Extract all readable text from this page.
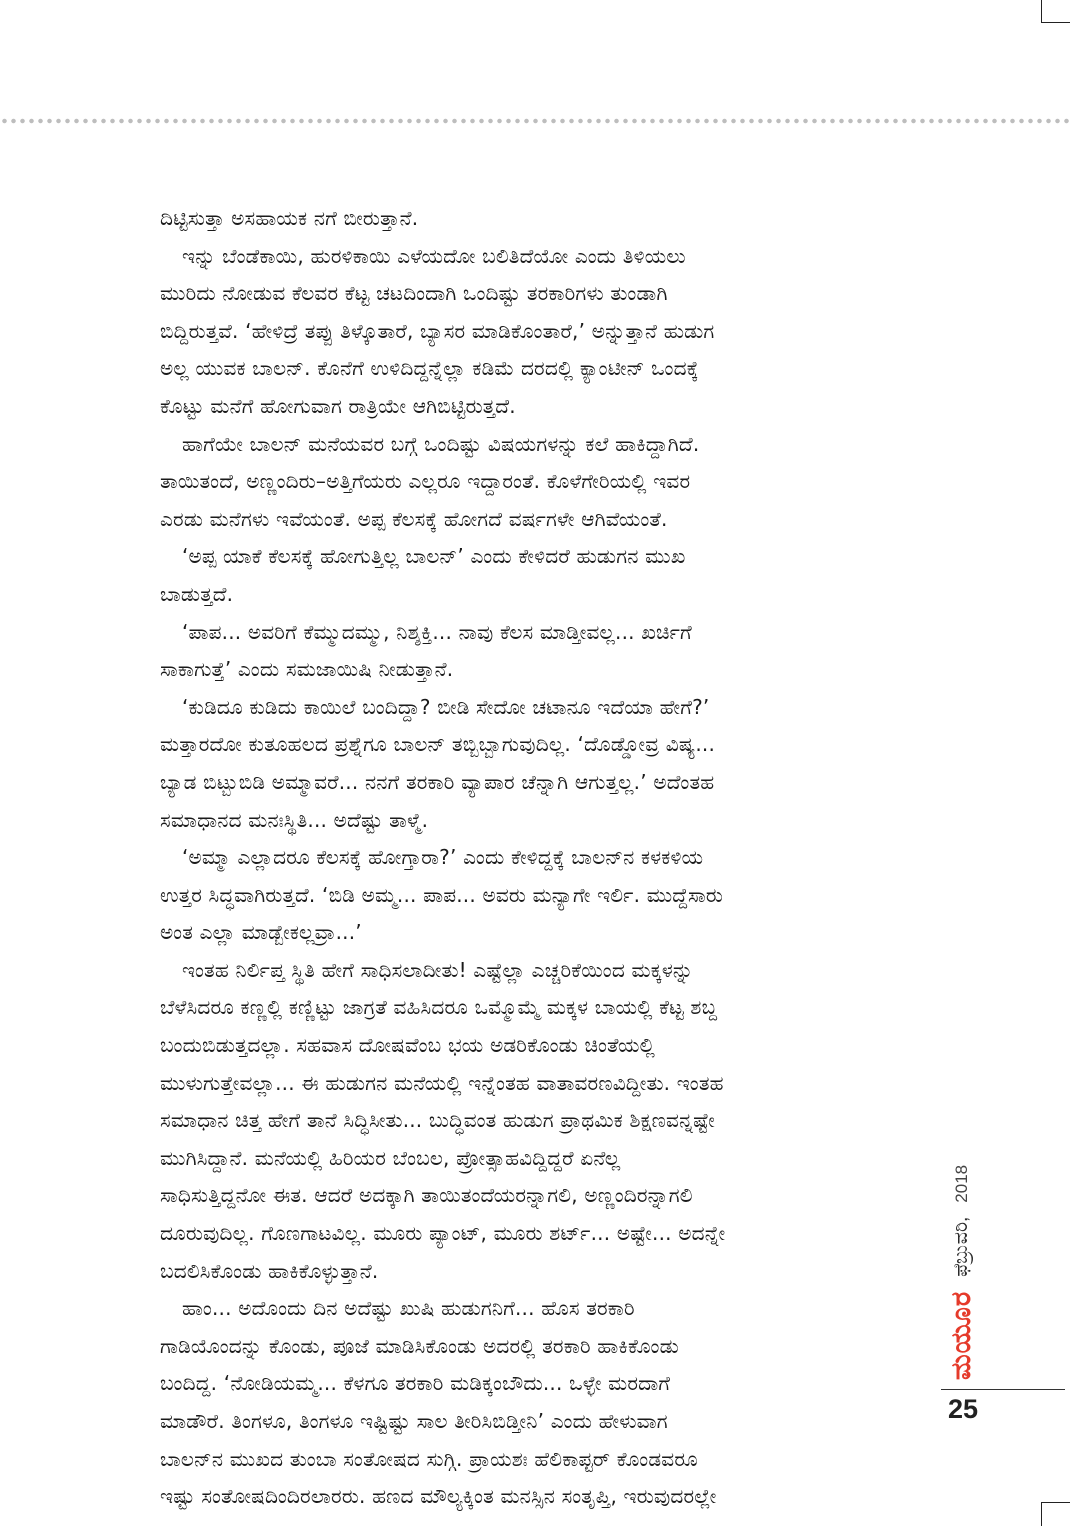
ದಿಟ್ಟಿಸುತ್ತಾ ಅಸಹಾಯಕ ನಗೆ ಬೀರುತ್ತಾನೆ.
ಇನ್ನು ಬೆಂಡೆಕಾಯಿ, ಹುರಳಿಕಾಯಿ ಎಳೆಯದೋ ಬಲಿತಿದೆಯೋ ಎಂದು ತಿಳಿಯಲು
ಮುರಿದು ನೋಡುವ ಕೆಲವರ ಕೆಟ್ಟ ಚಟದಿಂದಾಗಿ ಒಂದಿಷ್ಟು ತರಕಾರಿಗಳು ತುಂಡಾಗಿ
ಬಿದ್ದಿರುತ್ತವೆ. ‘ಹೇಳಿದ್ರೆ ತಪ್ಪು ತಿಳ್ಕೊತಾರೆ, ಬ್ಯಾಸರ ಮಾಡಿಕೊಂತಾರೆ,’ ಅನ್ನುತ್ತಾನೆ ಹುಡುಗ
ಅಲ್ಲ ಯುವಕ ಬಾಲನ್. ಕೊನೆಗೆ ಉಳಿದಿದ್ದನ್ನೆಲ್ಲಾ ಕಡಿಮೆ ದರದಲ್ಲಿ ಕ್ಯಾಂಟೀನ್ ಒಂದಕ್ಕೆ
ಕೊಟ್ಟು ಮನೆಗೆ ಹೋಗುವಾಗ ರಾತ್ರಿಯೇ ಆಗಿಬಿಟ್ಟಿರುತ್ತದೆ.
ಹಾಗೆಯೇ ಬಾಲನ್ ಮನೆಯವರ ಬಗ್ಗೆ ಒಂದಿಷ್ಟು ವಿಷಯಗಳನ್ನು ಕಲೆ ಹಾಕಿದ್ದಾಗಿದೆ.
ತಾಯಿತಂದೆ, ಅಣ್ಣಂದಿರು–ಅತ್ತಿಗೆಯರು ಎಲ್ಲರೂ ಇದ್ದಾರಂತೆ. ಕೊಳೆಗೇರಿಯಲ್ಲಿ ಇವರ
ಎರಡು ಮನೆಗಳು ಇವೆಯಂತೆ. ಅಪ್ಪ ಕೆಲಸಕ್ಕೆ ಹೋಗದೆ ವರ್ಷಗಳೇ ಆಗಿವೆಯಂತೆ.
‘ಅಪ್ಪ ಯಾಕೆ ಕೆಲಸಕ್ಕೆ ಹೋಗುತ್ತಿಲ್ಲ ಬಾಲನ್’ ಎಂದು ಕೇಳಿದರೆ ಹುಡುಗನ ಮುಖ
ಬಾಡುತ್ತದೆ.
‘ಪಾಪ... ಅವರಿಗೆ ಕೆಮ್ಮುದಮ್ಮು, ನಿಶ್ಶಕ್ತಿ... ನಾವು ಕೆಲಸ ಮಾಡ್ತೀವಲ್ಲ... ಖರ್ಚಿಗೆ
ಸಾಕಾಗುತ್ತೆ’ ಎಂದು ಸಮಜಾಯಿಷಿ ನೀಡುತ್ತಾನೆ.
‘ಕುಡಿದೂ ಕುಡಿದು ಕಾಯಿಲೆ ಬಂದಿದ್ದಾ? ಬೀಡಿ ಸೇದೋ ಚಟಾನೂ ಇದೆಯಾ ಹೇಗೆ?’
ಮತ್ತಾರದೋ ಕುತೂಹಲದ ಪ್ರಶ್ನೆಗೂ ಬಾಲನ್ ತಬ್ಬಿಬ್ಬಾಗುವುದಿಲ್ಲ. ‘ದೊಡ್ಡೋವ್ರ ವಿಷ್ಯ...
ಬ್ಯಾಡ ಬಿಟ್ಬುಬಿಡಿ ಅಮ್ಮಾವರೆ... ನನಗೆ ತರಕಾರಿ ವ್ಯಾಪಾರ ಚೆನ್ನಾಗಿ ಆಗುತ್ತಲ್ಲ.’ ಅದೆಂತಹ
ಸಮಾಧಾನದ ಮನಃಸ್ಥಿತಿ... ಅದೆಷ್ಟು ತಾಳ್ಮೆ.
‘ಅಮ್ಮಾ ಎಲ್ಲಾದರೂ ಕೆಲಸಕ್ಕೆ ಹೋಗ್ತಾರಾ?’ ಎಂದು ಕೇಳಿದ್ದಕ್ಕೆ ಬಾಲನ್‌ನ ಕಳಕಳಿಯ
ಉತ್ತರ ಸಿದ್ಧವಾಗಿರುತ್ತದೆ. ‘ಬಿಡಿ ಅಮ್ಮ... ಪಾಪ... ಅವರು ಮನ್ಯಾಗೇ ಇರ್ಲಿ. ಮುದ್ದೆಸಾರು
ಅಂತ ಎಲ್ಲಾ ಮಾಡ್ಬೇಕಲ್ಲವ್ರಾ...’
ಇಂತಹ ನಿರ್ಲಿಪ್ತ ಸ್ಥಿತಿ ಹೇಗೆ ಸಾಧಿಸಲಾದೀತು! ಎಷ್ಟೆಲ್ಲಾ ಎಚ್ಚರಿಕೆಯಿಂದ ಮಕ್ಕಳನ್ನು
ಬೆಳೆಸಿದರೂ ಕಣ್ಣಲ್ಲಿ ಕಣ್ಣಿಟ್ಟು ಜಾಗ್ರತೆ ವಹಿಸಿದರೂ ಒಮ್ಮೊಮ್ಮೆ ಮಕ್ಕಳ ಬಾಯಲ್ಲಿ ಕೆಟ್ಟ ಶಬ್ದ
ಬಂದುಬಿಡುತ್ತದಲ್ಲಾ. ಸಹವಾಸ ದೋಷವೆಂಬ ಭಯ ಅಡರಿಕೊಂಡು ಚಿಂತೆಯಲ್ಲಿ
ಮುಳುಗುತ್ತೇವಲ್ಲಾ... ಈ ಹುಡುಗನ ಮನೆಯಲ್ಲಿ ಇನ್ನೆಂತಹ ವಾತಾವರಣವಿದ್ದೀತು. ಇಂತಹ
ಸಮಾಧಾನ ಚಿತ್ತ ಹೇಗೆ ತಾನೆ ಸಿದ್ಧಿಸೀತು... ಬುದ್ಧಿವಂತ ಹುಡುಗ ಪ್ರಾಥಮಿಕ ಶಿಕ್ಷಣವನ್ನಷ್ಟೇ
ಮುಗಿಸಿದ್ದಾನೆ. ಮನೆಯಲ್ಲಿ ಹಿರಿಯರ ಬೆಂಬಲ, ಪ್ರೋತ್ಸಾಹವಿದ್ದಿದ್ದರೆ ಏನೆಲ್ಲ
ಸಾಧಿಸುತ್ತಿದ್ದನೋ ಈತ. ಆದರೆ ಅದಕ್ಕಾಗಿ ತಾಯಿತಂದೆಯರನ್ನಾಗಲಿ, ಅಣ್ಣಂದಿರನ್ನಾಗಲಿ
ದೂರುವುದಿಲ್ಲ. ಗೊಣಗಾಟವಿಲ್ಲ. ಮೂರು ಪ್ಯಾಂಟ್, ಮೂರು ಶರ್ಟ್... ಅಷ್ಟೇ... ಅದನ್ನೇ
ಬದಲಿಸಿಕೊಂಡು ಹಾಕಿಕೊಳ್ಳುತ್ತಾನೆ.
ಹಾಂ... ಅದೊಂದು ದಿನ ಅದೆಷ್ಟು ಖುಷಿ ಹುಡುಗನಿಗೆ... ಹೊಸ ತರಕಾರಿ
ಗಾಡಿಯೊಂದನ್ನು ಕೊಂಡು, ಪೂಜೆ ಮಾಡಿಸಿಕೊಂಡು ಅದರಲ್ಲಿ ತರಕಾರಿ ಹಾಕಿಕೊಂಡು
ಬಂದಿದ್ದ. ‘ನೋಡಿಯಮ್ಮ... ಕೆಳಗೂ ತರಕಾರಿ ಮಡಿಕ್ಕಂಬೌದು... ಒಳ್ಳೇ ಮರದಾಗೆ
ಮಾಡೌರೆ. ತಿಂಗಳೂ, ತಿಂಗಳೂ ಇಷ್ಟಿಷ್ಟು ಸಾಲ ತೀರಿಸಿಬಿಡ್ತೀನಿ’ ಎಂದು ಹೇಳುವಾಗ
ಬಾಲನ್‌ನ ಮುಖದ ತುಂಬಾ ಸಂತೋಷದ ಸುಗ್ಗಿ. ಪ್ರಾಯಶಃ ಹೆಲಿಕಾಪ್ಟರ್ ಕೊಂಡವರೂ
ಇಷ್ಟು ಸಂತೋಷದಿಂದಿರಲಾರರು. ಹಣದ ಮೌಲ್ಯಕ್ಕಿಂತ ಮನಸ್ಸಿನ ಸಂತೃಪ್ತಿ, ಇರುವುದರಲ್ಲೇ
ಮಯೂರ
ಫೆಬ್ರುವರಿ,
2018
25
